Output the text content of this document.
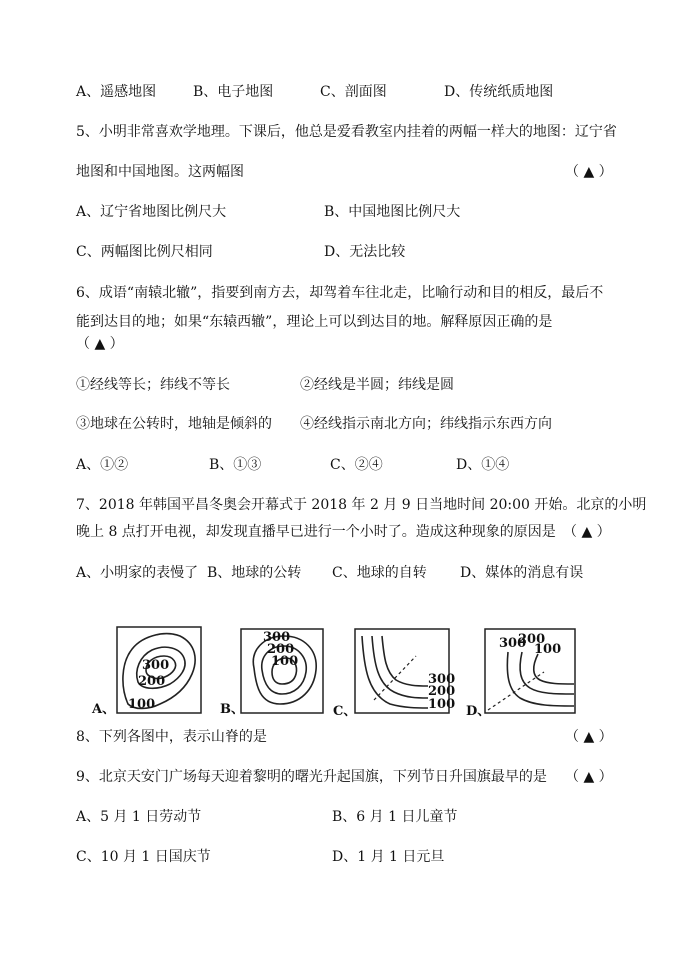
A、遥感地图	B、电子地图	C、剖面图	D、传统纸质地图
5、小明非常喜欢学地理。下课后，他总是爱看教室内挂着的两幅一样大的地图：辽宁省
地图和中国地图。这两幅图	（ ▲ ）
A、辽宁省地图比例尺大	B、中国地图比例尺大
C、两幅图比例尺相同	D、无法比较
6、成语“南辕北辙”，指要到南方去，却驾着车往北走，比喻行动和目的相反，最后不
能到达目的地；如果“东辕西辙”，理论上可以到达目的地。解释原因正确的是
（ ▲ ）
①经线等长；纬线不等长	②经线是半圆；纬线是圆
③地球在公转时，地轴是倾斜的 ④经线指示南北方向；纬线指示东西方向
A、①②	B、①③	C、②④	D、①④
7、2018 年韩国平昌冬奥会开幕式于 2018 年 2 月 9 日当地时间 20:00 开始。北京的小明
晚上 8 点打开电视，却发现直播早已进行一个小时了。造成这种现象的原因是 （ ▲ ）
A、小明家的表慢了 B、地球的公转 C、地球的自转 D、媒体的消息有误
300
200
100
A、
300
200
100
B、
300
200
100
C、
300
200
100
D、
8、下列各图中，表示山脊的是	（ ▲ ）
9、北京天安门广场每天迎着黎明的曙光升起国旗，下列节日升国旗最早的是 （ ▲ ）
A、5 月 1 日劳动节	B、6 月 1 日儿童节
C、10 月 1 日国庆节	D、1 月 1 日元旦
